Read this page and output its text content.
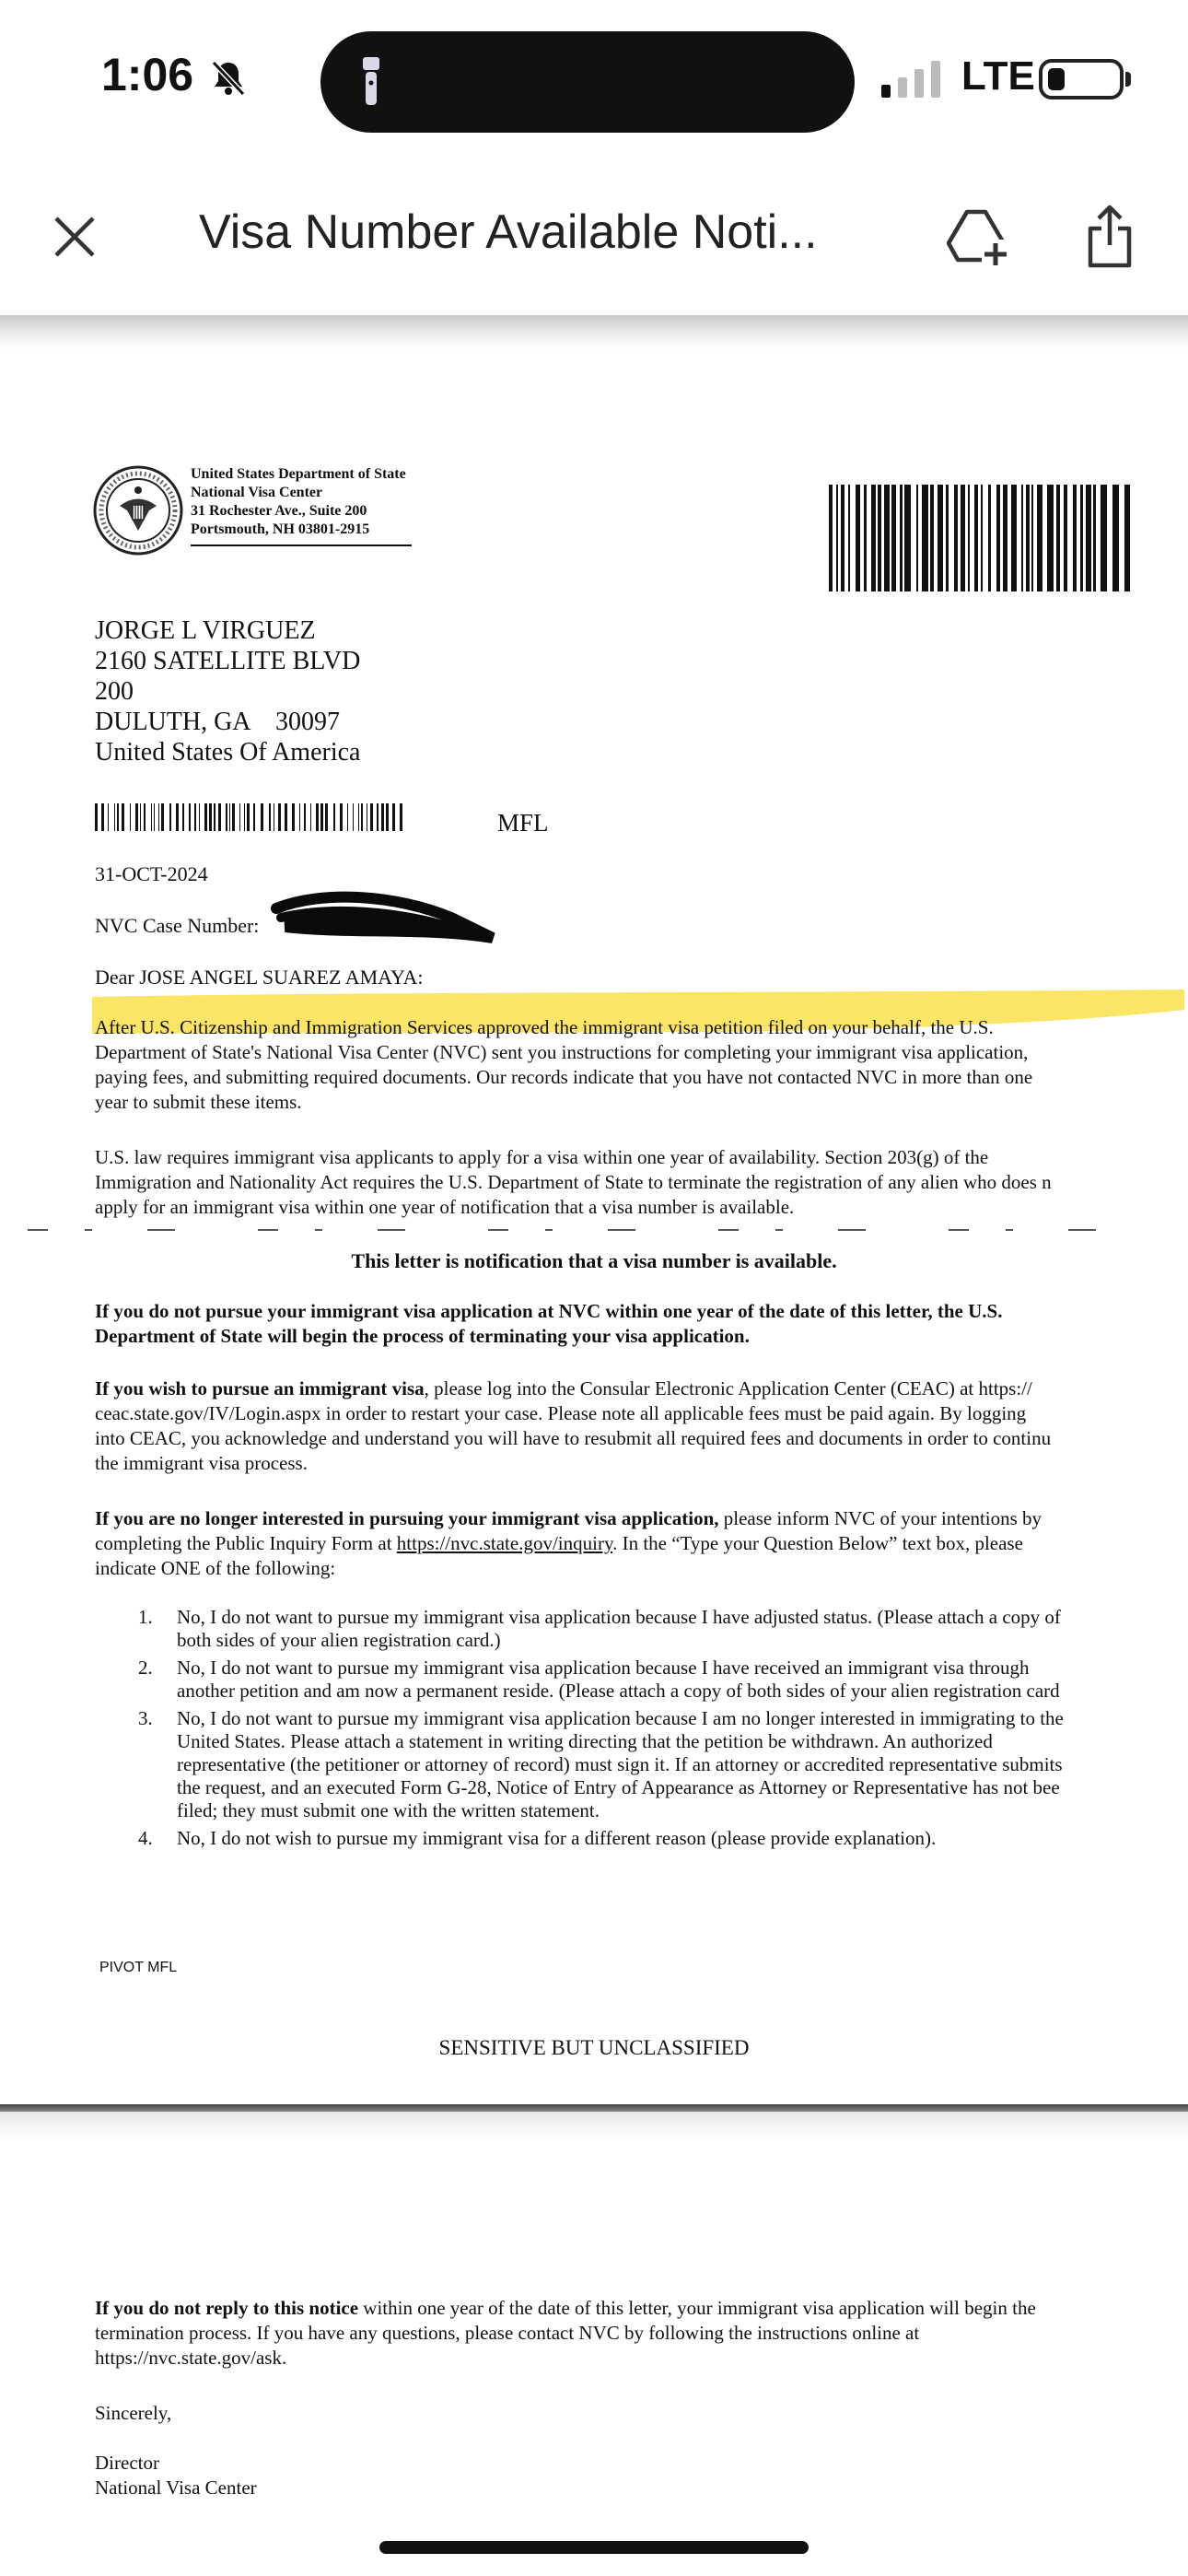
1:06	LTE
Visa Number Available Noti...
United States Department of State
National Visa Center
31 Rochester Ave., Suite 200
Portsmouth, NH 03801-2915
JORGE L VIRGUEZ
2160 SATELLITE BLVD
200
DULUTH, GA    30097
United States Of America
MFL
31-OCT-2024
NVC Case Number:
Dear JOSE ANGEL SUAREZ AMAYA:
After U.S. Citizenship and Immigration Services approved the immigrant visa petition filed on your behalf, the U.S.
Department of State's National Visa Center (NVC) sent you instructions for completing your immigrant visa application,
paying fees, and submitting required documents. Our records indicate that you have not contacted NVC in more than one
year to submit these items.
U.S. law requires immigrant visa applicants to apply for a visa within one year of availability. Section 203(g) of the
Immigration and Nationality Act requires the U.S. Department of State to terminate the registration of any alien who does n
apply for an immigrant visa within one year of notification that a visa number is available.
This letter is notification that a visa number is available.
If you do not pursue your immigrant visa application at NVC within one year of the date of this letter, the U.S.
Department of State will begin the process of terminating your visa application.
If you wish to pursue an immigrant visa, please log into the Consular Electronic Application Center (CEAC) at https://
ceac.state.gov/IV/Login.aspx in order to restart your case. Please note all applicable fees must be paid again. By logging
into CEAC, you acknowledge and understand you will have to resubmit all required fees and documents in order to continu
the immigrant visa process.
If you are no longer interested in pursuing your immigrant visa application, please inform NVC of your intentions by
completing the Public Inquiry Form at https://nvc.state.gov/inquiry. In the “Type your Question Below” text box, please
indicate ONE of the following:
1. No, I do not want to pursue my immigrant visa application because I have adjusted status. (Please attach a copy of
both sides of your alien registration card.)
2. No, I do not want to pursue my immigrant visa application because I have received an immigrant visa through
another petition and am now a permanent reside. (Please attach a copy of both sides of your alien registration card
3. No, I do not want to pursue my immigrant visa application because I am no longer interested in immigrating to the
United States. Please attach a statement in writing directing that the petition be withdrawn. An authorized
representative (the petitioner or attorney of record) must sign it. If an attorney or accredited representative submits
the request, and an executed Form G-28, Notice of Entry of Appearance as Attorney or Representative has not bee
filed; they must submit one with the written statement.
4. No, I do not wish to pursue my immigrant visa for a different reason (please provide explanation).
PIVOT MFL
SENSITIVE BUT UNCLASSIFIED
If you do not reply to this notice within one year of the date of this letter, your immigrant visa application will begin the
termination process. If you have any questions, please contact NVC by following the instructions online at
https://nvc.state.gov/ask.
Sincerely,
Director
National Visa Center
